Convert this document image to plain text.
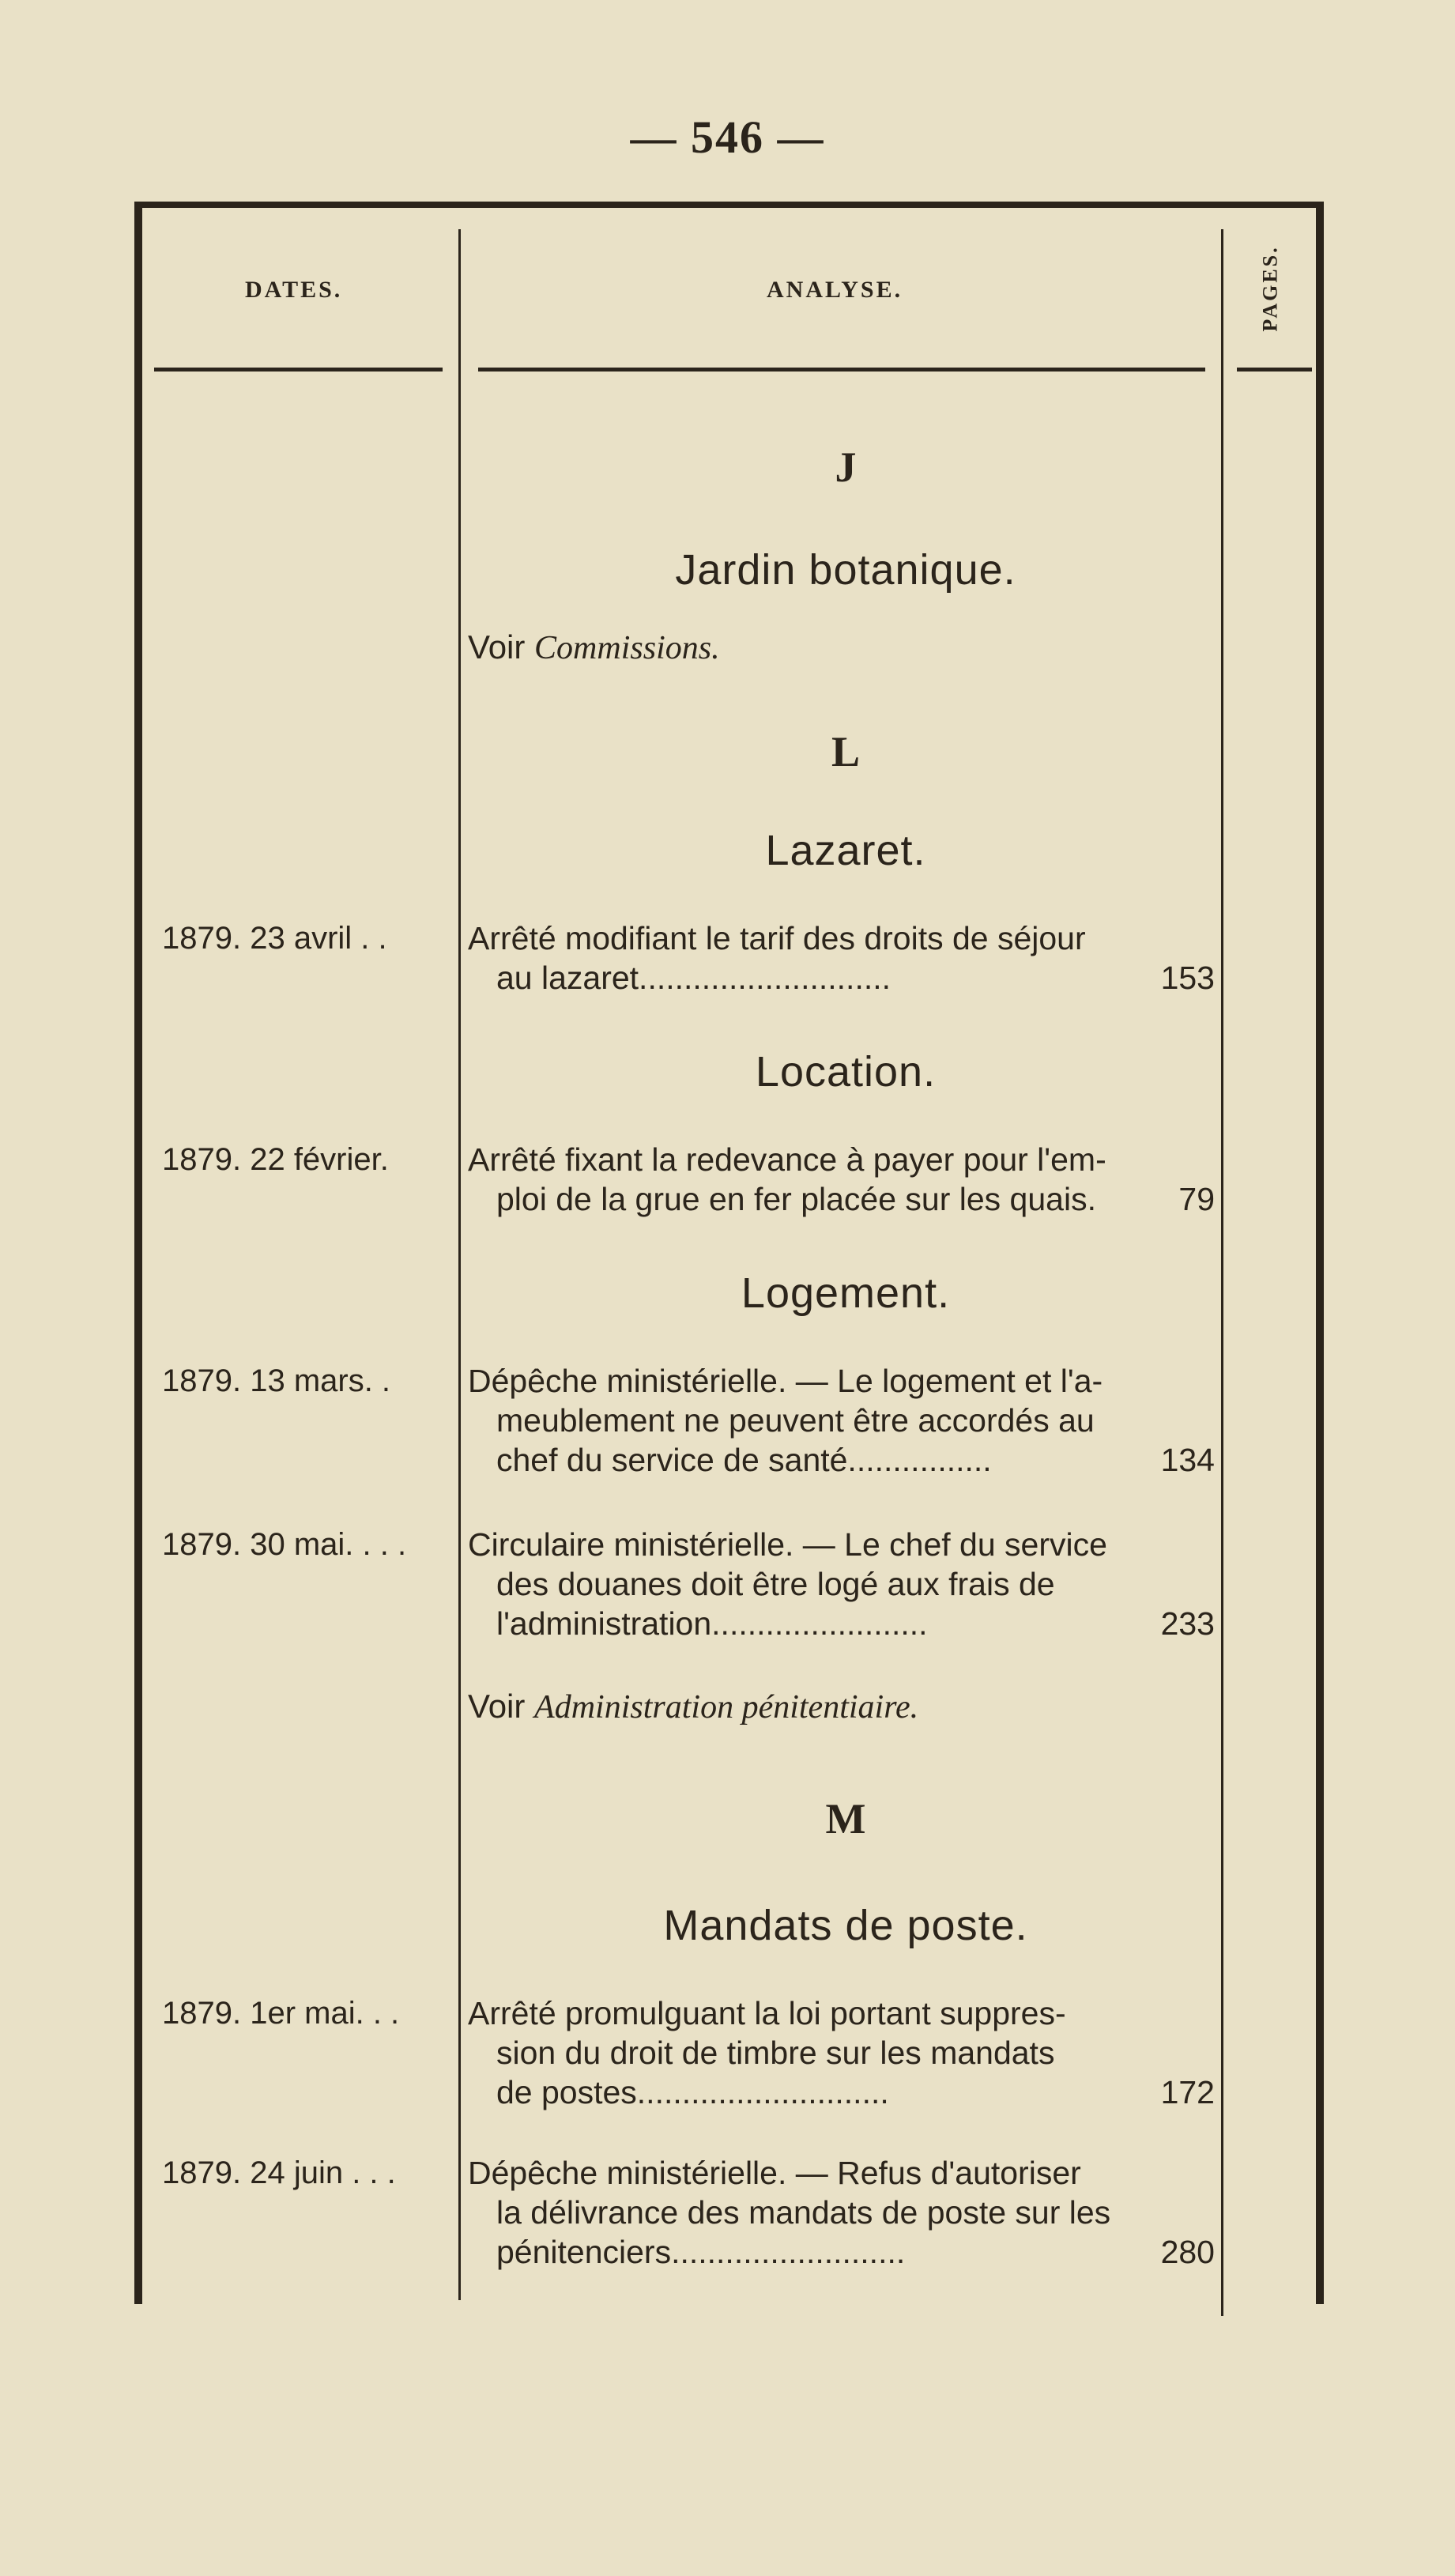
— 546 —
DATES.	ANALYSE.	PAGES.
J
Jardin botanique.
Voir Commissions.
L
Lazaret.
1879. 23 avril . . Arrêté modifiant le tarif des droits de séjour
au lazaret............................	153
Location.
1879. 22 février. Arrêté fixant la redevance à payer pour l'em-
ploi de la grue en fer placée sur les quais.	79
Logement.
1879. 13 mars. . Dépêche ministérielle. — Le logement et l'a-
meublement ne peuvent être accordés au
chef du service de santé................	134
1879. 30 mai. . . . Circulaire ministérielle. — Le chef du service
des douanes doit être logé aux frais de
l'administration........................	233
Voir Administration pénitentiaire.
M
Mandats de poste.
1879. 1er mai. . . Arrêté promulguant la loi portant suppres-
sion du droit de timbre sur les mandats
de postes............................	172
1879. 24 juin . . . Dépêche ministérielle. — Refus d'autoriser
la délivrance des mandats de poste sur les
pénitenciers..........................	280
